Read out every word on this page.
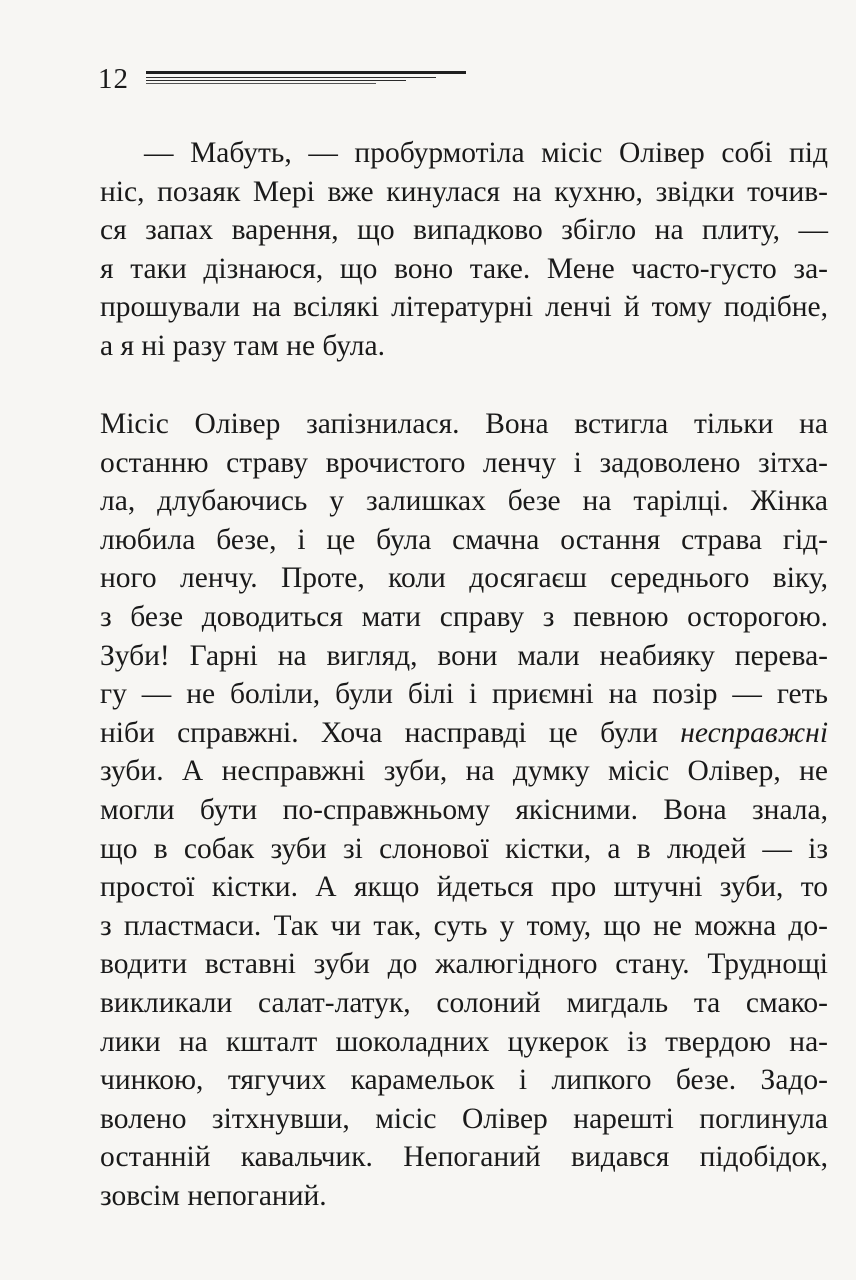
12
— Мабуть, — пробурмотіла місіс Олівер собі під
ніс, позаяк Мері вже кинулася на кухню, звідки точив-
ся запах варення, що випадково збігло на плиту, —
я таки дізнаюся, що воно таке. Мене часто-густо за-
прошували на всілякі літературні ленчі й тому подібне,
а я ні разу там не була.
Місіс Олівер запізнилася. Вона встигла тільки на
останню страву врочистого ленчу і задоволено зітха-
ла, длубаючись у залишках безе на тарілці. Жінка
любила безе, і це була смачна остання страва гід-
ного ленчу. Проте, коли досягаєш середнього віку,
з безе доводиться мати справу з певною осторогою.
Зуби! Гарні на вигляд, вони мали неабияку перева-
гу — не боліли, були білі і приємні на позір — геть
ніби справжні. Хоча насправді це були несправжні
зуби. А несправжні зуби, на думку місіс Олівер, не
могли бути по-справжньому якісними. Вона знала,
що в собак зуби зі слонової кістки, а в людей — із
простої кістки. А якщо йдеться про штучні зуби, то
з пластмаси. Так чи так, суть у тому, що не можна до-
водити вставні зуби до жалюгідного стану. Труднощі
викликали салат-латук, солоний мигдаль та смако-
лики на кшталт шоколадних цукерок із твердою на-
чинкою, тягучих карамельок і липкого безе. Задо-
волено зітхнувши, місіс Олівер нарешті поглинула
останній кавальчик. Непоганий видався підобідок,
зовсім непоганий.
